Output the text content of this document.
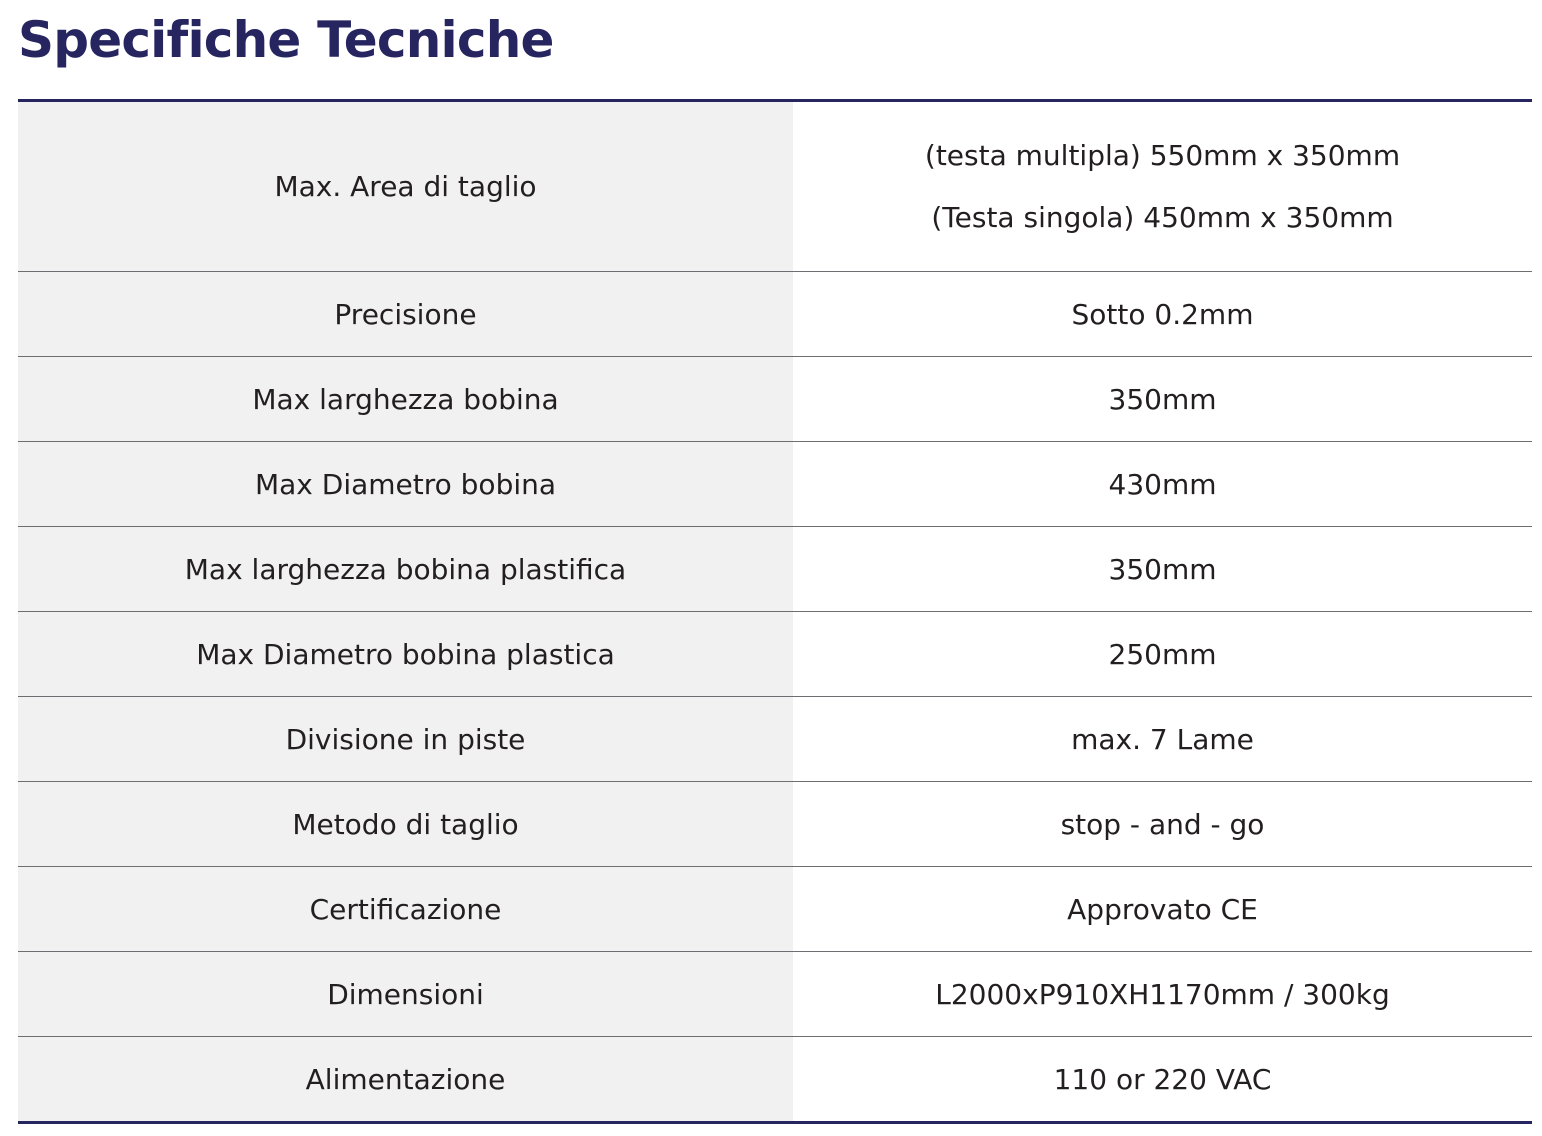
Specifiche Tecniche
Max. Area di taglio	(testa multipla) 550mm x 350mm
(Testa singola) 450mm x 350mm

Precisione	Sotto 0.2mm
Max larghezza bobina	350mm
Max Diametro bobina	430mm
Max larghezza bobina plastifica	350mm
Max Diametro bobina plastica	250mm
Divisione in piste	max. 7 Lame
Metodo di taglio	stop - and - go
Certificazione	Approvato CE
Dimensioni	L2000xP910XH1170mm / 300kg
Alimentazione	110 or 220 VAC
